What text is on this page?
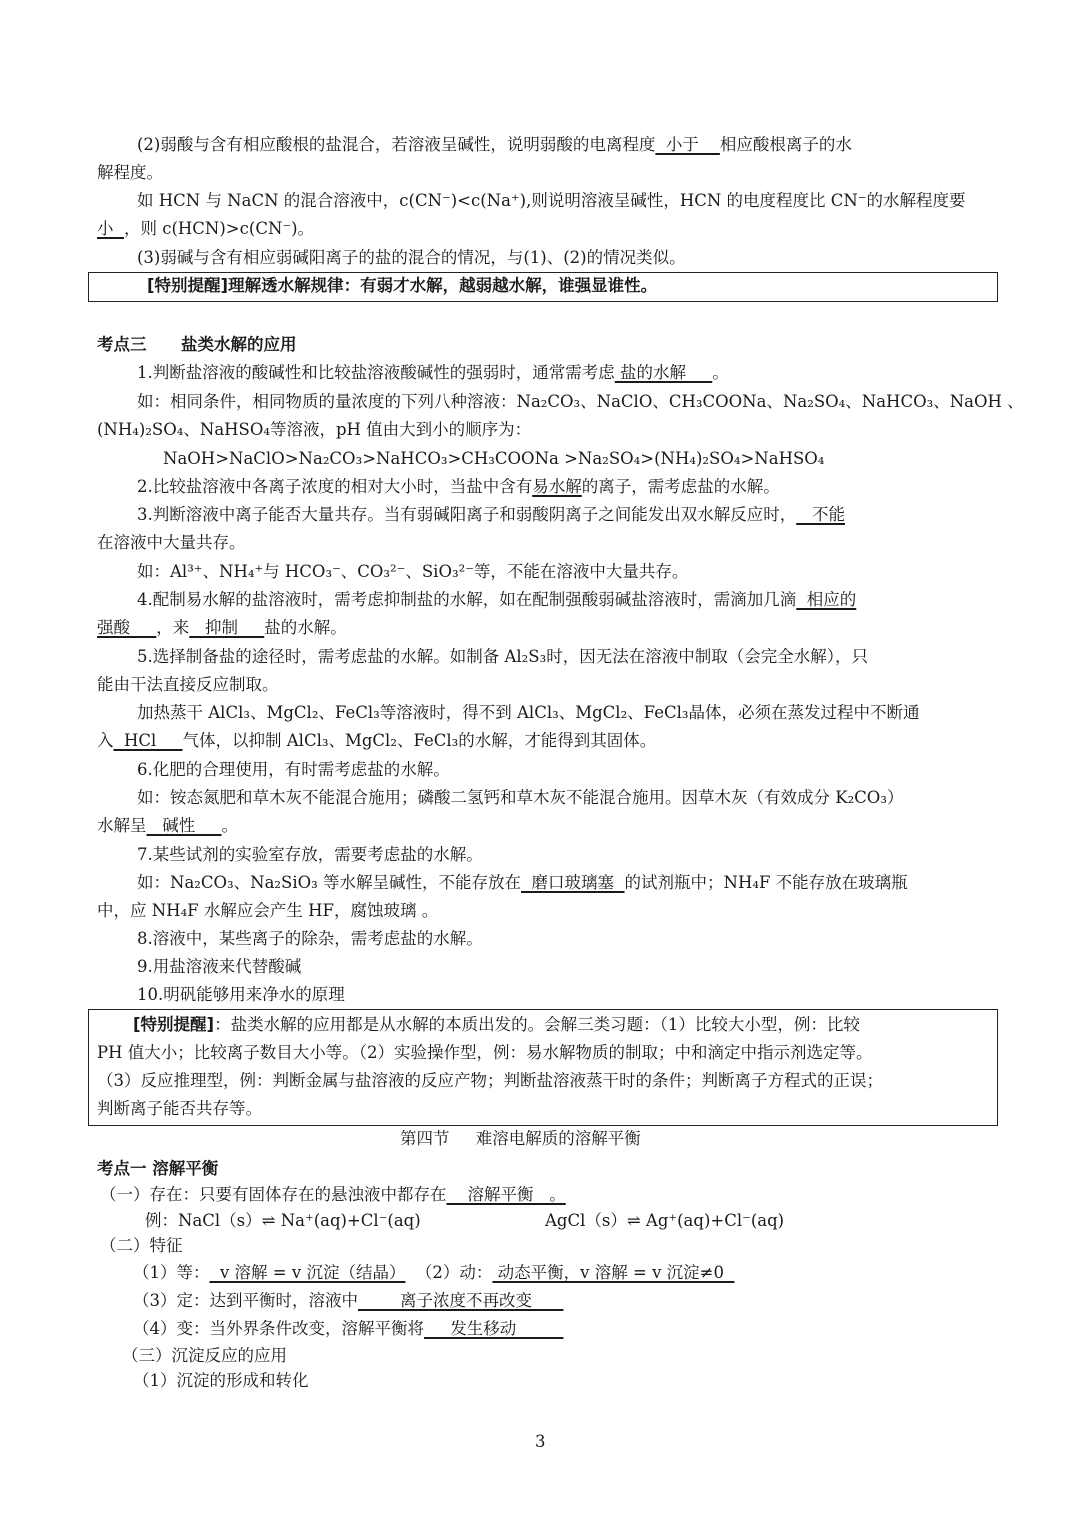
(2)弱酸与含有相应酸根的盐混合，若溶液呈碱性，说明弱酸的电离程度  小于    相应酸根离子的水
解程度。
如 HCN 与 NaCN 的混合溶液中，c(CN⁻)<c(Na⁺),则说明溶液呈碱性，HCN 的电度程度比 CN⁻的水解程度要
小  ，则 c(HCN)>c(CN⁻)。
(3)弱碱与含有相应弱碱阳离子的盐的混合的情况，与(1)、(2)的情况类似。
[特别提醒]理解透水解规律：有弱才水解，越弱越水解，谁强显谁性。
考点三      盐类水解的应用
1.判断盐溶液的酸碱性和比较盐溶液酸碱性的强弱时，通常需考虑 盐的水解     。
如：相同条件，相同物质的量浓度的下列八种溶液：Na₂CO₃、NaClO、CH₃COONa、Na₂SO₄、NaHCO₃、NaOH 、
(NH₄)₂SO₄、NaHSO₄等溶液，pH 值由大到小的顺序为：
NaOH>NaClO>Na₂CO₃>NaHCO₃>CH₃COONa >Na₂SO₄>(NH₄)₂SO₄>NaHSO₄
2.比较盐溶液中各离子浓度的相对大小时，当盐中含有易水解的离子，需考虑盐的水解。
3.判断溶液中离子能否大量共存。当有弱碱阳离子和弱酸阴离子之间能发出双水解反应时，   不能
在溶液中大量共存。
如：Al³⁺、NH₄⁺与 HCO₃⁻、CO₃²⁻、SiO₃²⁻等，不能在溶液中大量共存。
4.配制易水解的盐溶液时，需考虑抑制盐的水解，如在配制强酸弱碱盐溶液时，需滴加几滴  相应的
强酸     ，来   抑制     盐的水解。
5.选择制备盐的途径时，需考虑盐的水解。如制备 Al₂S₃时，因无法在溶液中制取（会完全水解），只
能由干法直接反应制取。
加热蒸干 AlCl₃、MgCl₂、FeCl₃等溶液时，得不到 AlCl₃、MgCl₂、FeCl₃晶体，必须在蒸发过程中不断通
入  HCl     气体，以抑制 AlCl₃、MgCl₂、FeCl₃的水解，才能得到其固体。
6.化肥的合理使用，有时需考虑盐的水解。
如：铵态氮肥和草木灰不能混合施用；磷酸二氢钙和草木灰不能混合施用。因草木灰（有效成分 K₂CO₃）
水解呈   碱性     。
7.某些试剂的实验室存放，需要考虑盐的水解。
如：Na₂CO₃、Na₂SiO₃ 等水解呈碱性，不能存放在  磨口玻璃塞  的试剂瓶中；NH₄F 不能存放在玻璃瓶
中，应 NH₄F 水解应会产生 HF，腐蚀玻璃 。
8.溶液中，某些离子的除杂，需考虑盐的水解。
9.用盐溶液来代替酸碱
10.明矾能够用来净水的原理
[特别提醒]：盐类水解的应用都是从水解的本质出发的。会解三类习题：（1）比较大小型，例：比较
PH 值大小；比较离子数目大小等。（2）实验操作型，例：易水解物质的制取；中和滴定中指示剂选定等。
（3）反应推理型，例：判断金属与盐溶液的反应产物；判断盐溶液蒸干时的条件；判断离子方程式的正误；
判断离子能否共存等。
第四节     难溶电解质的溶解平衡
考点一 溶解平衡
（一）存在：只要有固体存在的悬浊液中都存在    溶解平衡   。
例：NaCl（s）⇌ Na⁺(aq)+Cl⁻(aq)	AgCl（s）⇌ Ag⁺(aq)+Cl⁻(aq)
（二）特征
（1）等：  v 溶解 = v 沉淀（结晶）  （2）动： 动态平衡，v 溶解 = v 沉淀≠0
（3）定：达到平衡时，溶液中        离子浓度不再改变
（4）变：当外界条件改变，溶解平衡将     发生移动
（三）沉淀反应的应用
（1）沉淀的形成和转化
3
